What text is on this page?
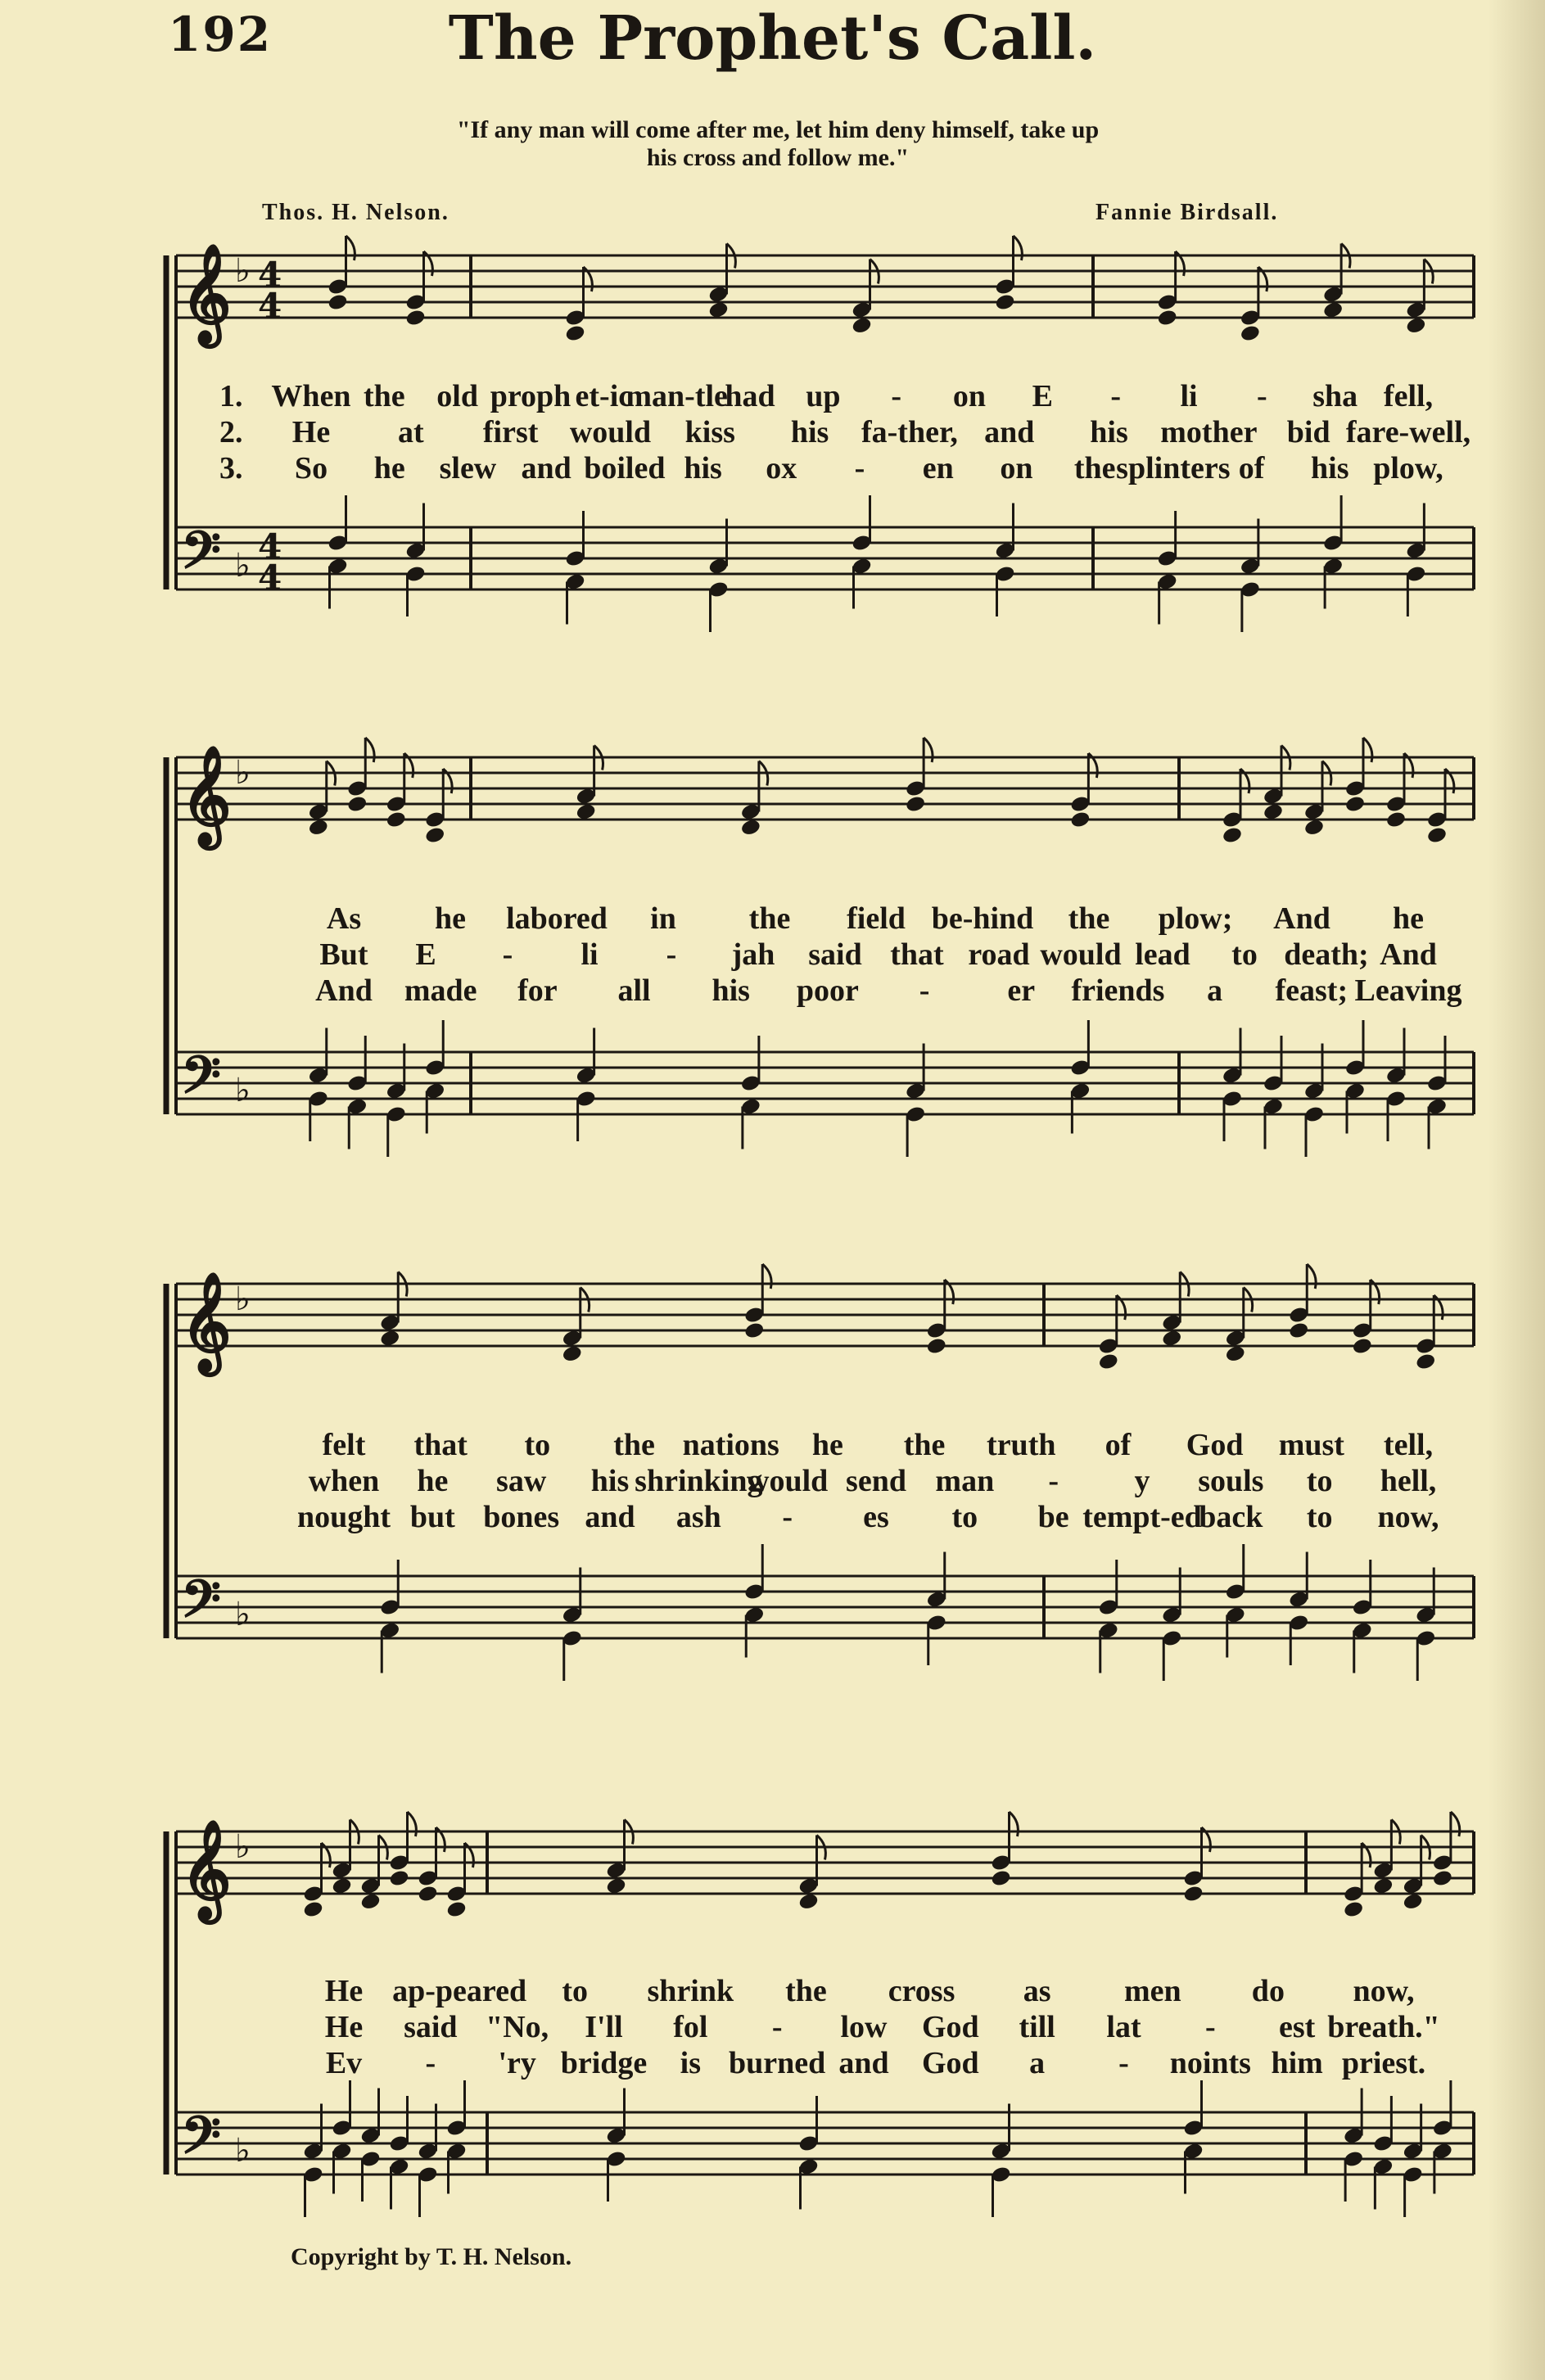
192	The Prophet's Call.
"If any man will come after me, let him deny himself, take up
his cross and follow me."
Thos. H. Nelson.	Fannie Birdsall.
𝄞 ♭ 4
4
𝄢 ♭ 4
4
𝄞 ♭
𝄢 ♭
𝄞 ♭
𝄢 ♭
𝄞 ♭
𝄢 ♭
1. When the old proph et-ic
man-tle
had up - on E - li - sha fell,
2. He at first would kiss his fa-ther, and his mother bid fare-well,
3. So he slew and boiled his ox - en on the splinters of his plow,
As he labored in the field be-hind the plow; And he
But E - li - jah said that road would lead to death; And
And made for all his poor - er friends a feast; Leaving
felt that to the nations he the truth of God must tell,
when he saw his shrinking
would send man - y souls to hell,
nought but bones and ash - es to be tempt-ed
back to now,
He ap-peared to shrink the cross as men do now,
He said "No, I'll fol - low God till lat - est breath."
Ev - 'ry bridge is burned and God a - noints him priest.
Copyright by T. H. Nelson.
